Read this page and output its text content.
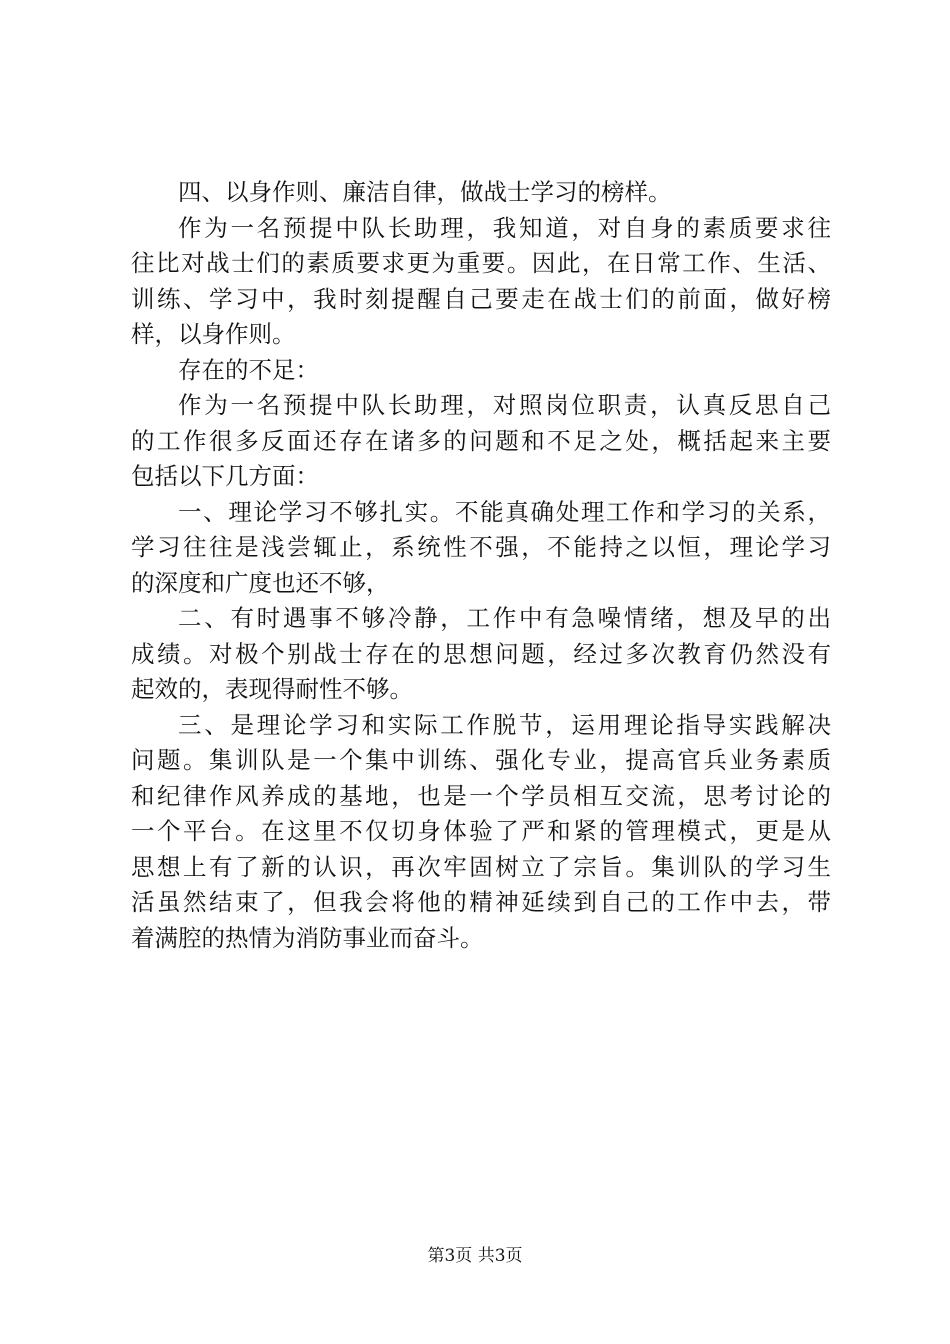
四、以身作则、廉洁自律，做战士学习的榜样。
作为一名预提中队长助理，我知道，对自身的素质要求往
往比对战士们的素质要求更为重要。因此，在日常工作、生活、
训练、学习中，我时刻提醒自己要走在战士们的前面，做好榜
样，以身作则。
存在的不足：
作为一名预提中队长助理，对照岗位职责，认真反思自己
的工作很多反面还存在诸多的问题和不足之处，概括起来主要
包括以下几方面：
一、理论学习不够扎实。不能真确处理工作和学习的关系，
学习往往是浅尝辄止，系统性不强，不能持之以恒，理论学习
的深度和广度也还不够，
二、有时遇事不够冷静，工作中有急噪情绪，想及早的出
成绩。对极个别战士存在的思想问题，经过多次教育仍然没有
起效的，表现得耐性不够。
三、是理论学习和实际工作脱节，运用理论指导实践解决
问题。集训队是一个集中训练、强化专业，提高官兵业务素质
和纪律作风养成的基地，也是一个学员相互交流，思考讨论的
一个平台。在这里不仅切身体验了严和紧的管理模式，更是从
思想上有了新的认识，再次牢固树立了宗旨。集训队的学习生
活虽然结束了，但我会将他的精神延续到自己的工作中去，带
着满腔的热情为消防事业而奋斗。
第3页 共3页
